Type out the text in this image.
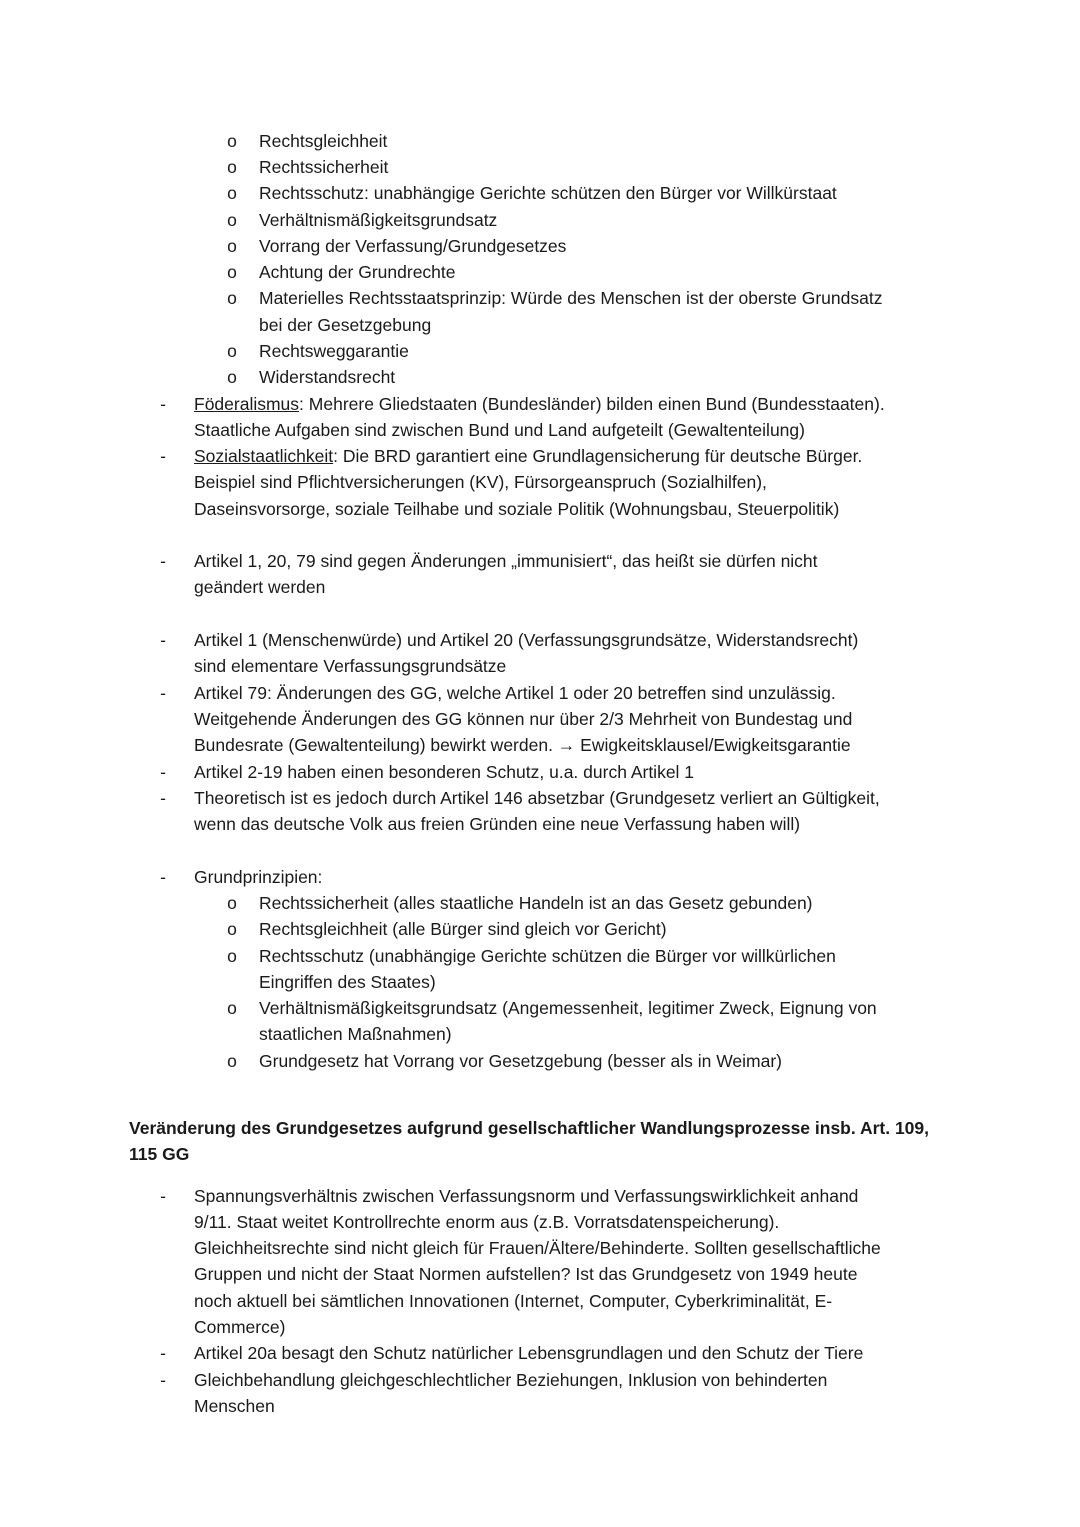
o Rechtsgleichheit
o Rechtssicherheit
o Rechtsschutz: unabhängige Gerichte schützen den Bürger vor Willkürstaat
o Verhältnismäßigkeitsgrundsatz
o Vorrang der Verfassung/Grundgesetzes
o Achtung der Grundrechte
o Materielles Rechtsstaatsprinzip: Würde des Menschen ist der oberste Grundsatz
bei der Gesetzgebung
o Rechtsweggarantie
o Widerstandsrecht
- Föderalismus: Mehrere Gliedstaaten (Bundesländer) bilden einen Bund (Bundesstaaten).
Staatliche Aufgaben sind zwischen Bund und Land aufgeteilt (Gewaltenteilung)
- Sozialstaatlichkeit: Die BRD garantiert eine Grundlagensicherung für deutsche Bürger.
Beispiel sind Pflichtversicherungen (KV), Fürsorgeanspruch (Sozialhilfen),
Daseinsvorsorge, soziale Teilhabe und soziale Politik (Wohnungsbau, Steuerpolitik)
- Artikel 1, 20, 79 sind gegen Änderungen „immunisiert“, das heißt sie dürfen nicht
geändert werden
- Artikel 1 (Menschenwürde) und Artikel 20 (Verfassungsgrundsätze, Widerstandsrecht)
sind elementare Verfassungsgrundsätze
- Artikel 79: Änderungen des GG, welche Artikel 1 oder 20 betreffen sind unzulässig.
Weitgehende Änderungen des GG können nur über 2/3 Mehrheit von Bundestag und
Bundesrate (Gewaltenteilung) bewirkt werden. → Ewigkeitsklausel/Ewigkeitsgarantie
- Artikel 2-19 haben einen besonderen Schutz, u.a. durch Artikel 1
- Theoretisch ist es jedoch durch Artikel 146 absetzbar (Grundgesetz verliert an Gültigkeit,
wenn das deutsche Volk aus freien Gründen eine neue Verfassung haben will)
- Grundprinzipien:
o Rechtssicherheit (alles staatliche Handeln ist an das Gesetz gebunden)
o Rechtsgleichheit (alle Bürger sind gleich vor Gericht)
o Rechtsschutz (unabhängige Gerichte schützen die Bürger vor willkürlichen
Eingriffen des Staates)
o Verhältnismäßigkeitsgrundsatz (Angemessenheit, legitimer Zweck, Eignung von
staatlichen Maßnahmen)
o Grundgesetz hat Vorrang vor Gesetzgebung (besser als in Weimar)
Veränderung des Grundgesetzes aufgrund gesellschaftlicher Wandlungsprozesse insb. Art. 109,
115 GG
- Spannungsverhältnis zwischen Verfassungsnorm und Verfassungswirklichkeit anhand
9/11. Staat weitet Kontrollrechte enorm aus (z.B. Vorratsdatenspeicherung).
Gleichheitsrechte sind nicht gleich für Frauen/Ältere/Behinderte. Sollten gesellschaftliche
Gruppen und nicht der Staat Normen aufstellen? Ist das Grundgesetz von 1949 heute
noch aktuell bei sämtlichen Innovationen (Internet, Computer, Cyberkriminalität, E-
Commerce)
- Artikel 20a besagt den Schutz natürlicher Lebensgrundlagen und den Schutz der Tiere
- Gleichbehandlung gleichgeschlechtlicher Beziehungen, Inklusion von behinderten
Menschen
